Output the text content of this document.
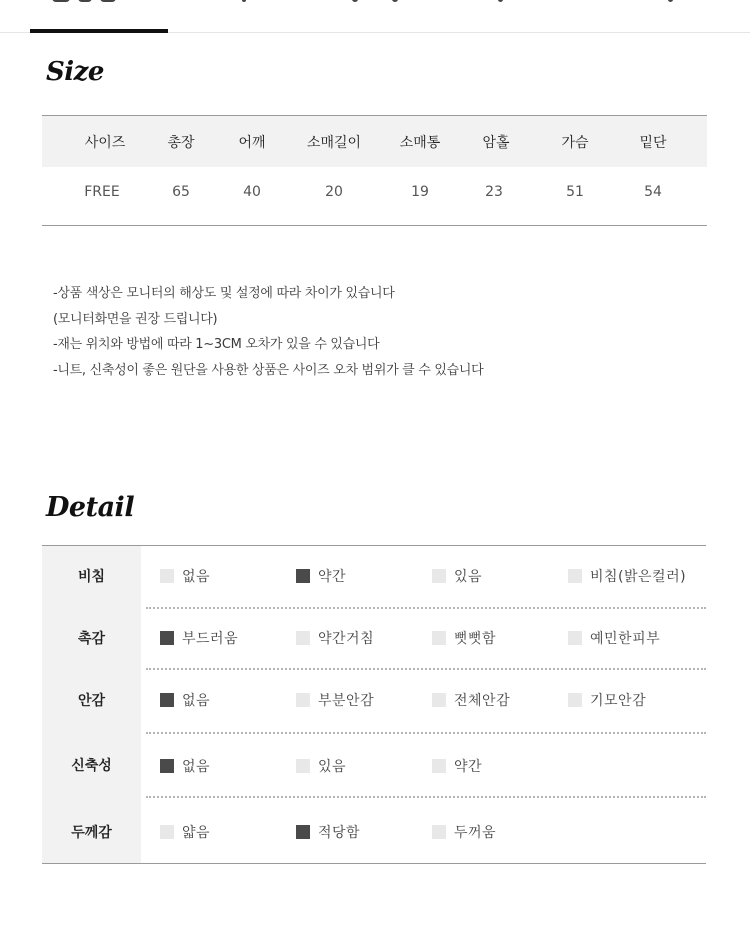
Size
사이즈	총장	어깨	소매길이	소매통	암홀	가슴	밑단
FREE	65	40	20	19	23	51	54
-상품 색상은 모니터의 해상도 및 설정에 따라 차이가 있습니다
(모니터화면을 권장 드립니다)
-재는 위치와 방법에 따라 1~3CM 오차가 있을 수 있습니다
-니트, 신축성이 좋은 원단을 사용한 상품은 사이즈 오차 범위가 클 수 있습니다
Detail
비침	없음	약간	있음	비침(밝은컬러)
촉감	부드러움	약간거침	뻣뻣함	예민한피부
안감	없음	부분안감	전체안감	기모안감
신축성	없음	있음	약간
두께감	얇음	적당함	두꺼움
